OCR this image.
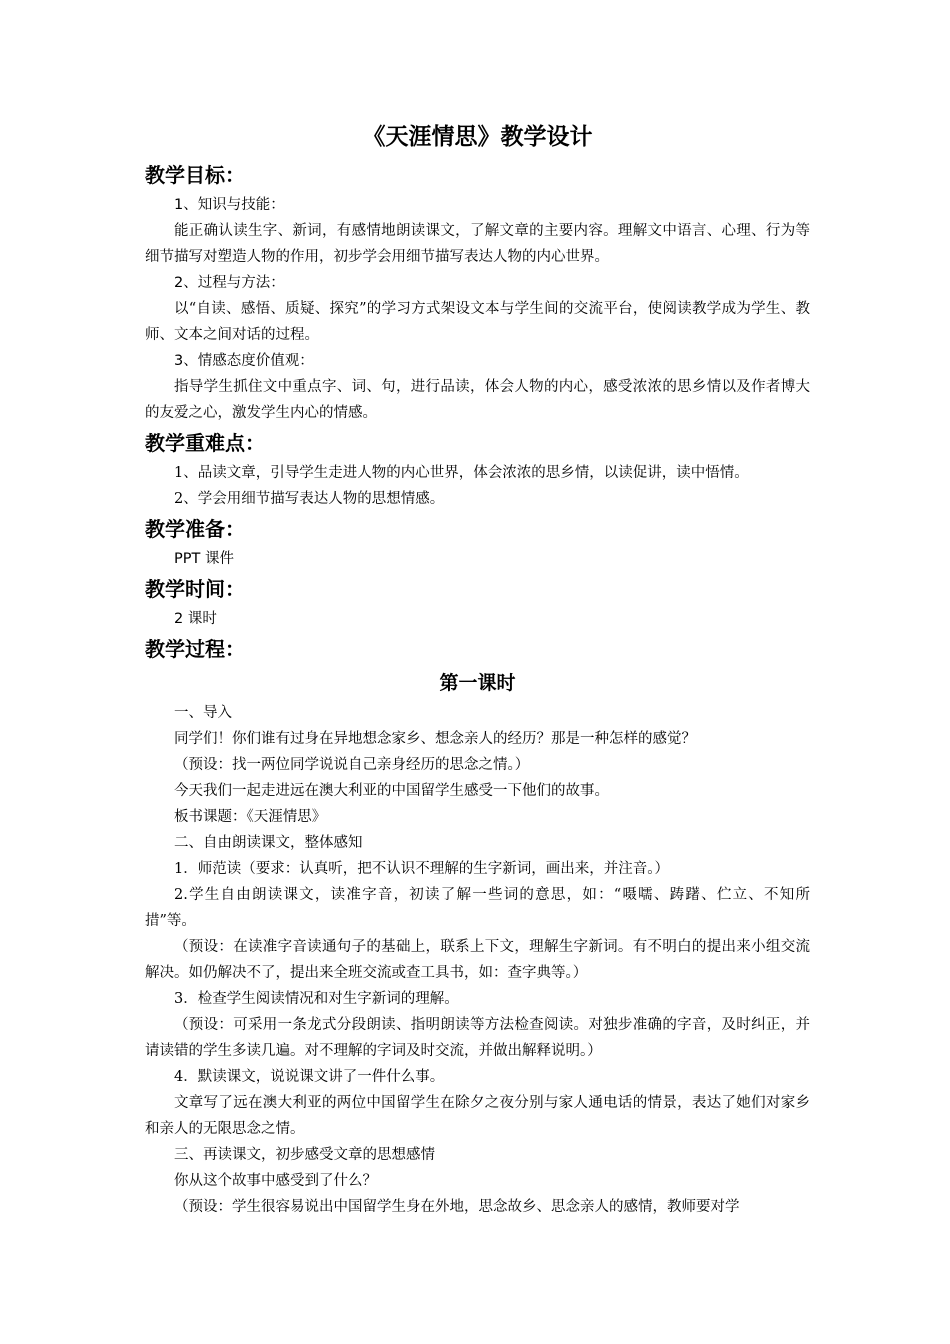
《天涯情思》教学设计
教学目标：

1、知识与技能：

能正确认读生字、新词，有感情地朗读课文，了解文章的主要内容。理解文中语言、心理、行为等细节描写对塑造人物的作用，初步学会用细节描写表达人物的内心世界。

2、过程与方法：

以“自读、感悟、质疑、探究”的学习方式架设文本与学生间的交流平台，使阅读教学成为学生、教师、文本之间对话的过程。

3、情感态度价值观：

指导学生抓住文中重点字、词、句，进行品读，体会人物的内心，感受浓浓的思乡情以及作者博大的友爱之心，激发学生内心的情感。

教学重难点：

1、品读文章，引导学生走进人物的内心世界，体会浓浓的思乡情，以读促讲，读中悟情。

2、学会用细节描写表达人物的思想情感。

教学准备：

PPT 课件

教学时间：

2 课时

教学过程：
第一课时

一、导入

同学们！你们谁有过身在异地想念家乡、想念亲人的经历？那是一种怎样的感觉？

（预设：找一两位同学说说自己亲身经历的思念之情。）

今天我们一起走进远在澳大利亚的中国留学生感受一下他们的故事。

板书课题：《天涯情思》

二、自由朗读课文，整体感知

1．师范读（要求：认真听，把不认识不理解的生字新词，画出来，并注音。）

2.学生自由朗读课文，读准字音，初读了解一些词的意思，如：“嗫嚅、踌躇、伫立、不知所措”等。

（预设：在读准字音读通句子的基础上，联系上下文，理解生字新词。有不明白的提出来小组交流解决。如仍解决不了，提出来全班交流或查工具书，如：查字典等。）

3．检查学生阅读情况和对生字新词的理解。

（预设：可采用一条龙式分段朗读、指明朗读等方法检查阅读。对独步准确的字音，及时纠正，并请读错的学生多读几遍。对不理解的字词及时交流，并做出解释说明。）

4．默读课文，说说课文讲了一件什么事。

文章写了远在澳大利亚的两位中国留学生在除夕之夜分别与家人通电话的情景，表达了她们对家乡和亲人的无限思念之情。

三、再读课文，初步感受文章的思想感情

你从这个故事中感受到了什么？

（预设：学生很容易说出中国留学生身在外地，思念故乡、思念亲人的感情，教师要对学
